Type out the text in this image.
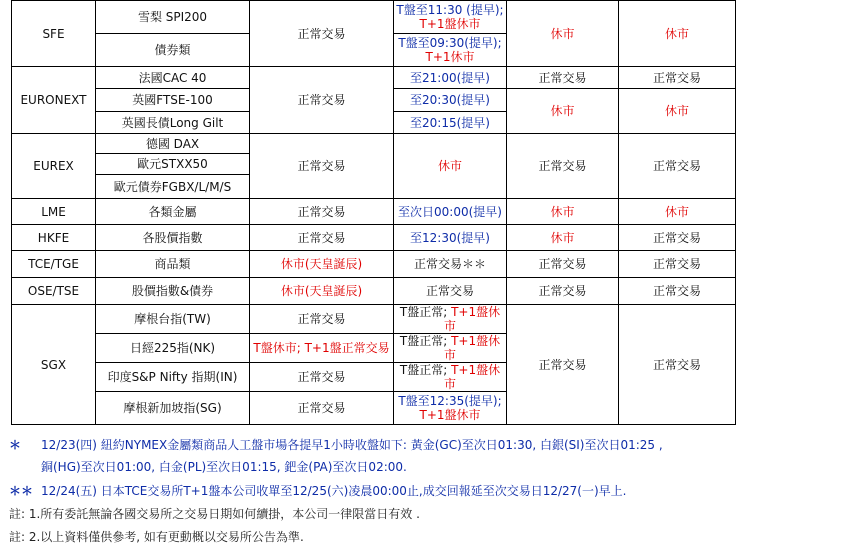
SFE	雪梨 SPI200	正常交易	T盤至11:30 (提早);
T+1盤休市	休市	休市
	債券類		T盤至09:30(提早);
T+1休市		

EURONEXT	法國CAC 40	正常交易	至21:00(提早)	正常交易	正常交易
	英國FTSE-100		至20:30(提早)	休市	休市
	英國長債Long Gilt		至20:15(提早)		
EUREX	德國 DAX	正常交易	休市	正常交易	正常交易
	歐元STXX50				
	歐元債券FGBX/L/M/S				
LME	各類金屬	正常交易	至次日00:00(提早)	休市	休市
HKFE	各股價指數	正常交易	至12:30(提早)	休市	正常交易
TCE/TGE	商品類	休市(天皇誕辰)	正常交易＊＊	正常交易	正常交易
OSE/TSE	股價指數&債券	休市(天皇誕辰)	正常交易	正常交易	正常交易
SGX	摩根台指(TW)	正常交易	T盤正常; T+1盤休市	正常交易	正常交易
	日經225指(NK)	T盤休市; T+1盤正常交易	T盤正常; T+1盤休市		
	印度S&P Nifty 指期(IN)	正常交易	T盤正常; T+1盤休市		
	摩根新加坡指(SG)	正常交易	T盤至12:35(提早);
T+1盤休市		
＊ 12/23(四) 紐約NYMEX金屬類商品人工盤市場各提早1小時收盤如下: 黃金(GC)至次日01:30, 白銀(SI)至次日01:25 ,
銅(HG)至次日01:00, 白金(PL)至次日01:15, 鈀金(PA)至次日02:00.
＊＊ 12/24(五) 日本TCE交易所T+1盤本公司收單至12/25(六)凌晨00:00止,成交回報延至次交易日12/27(一)早上.
註: 1.所有委託無論各國交易所之交易日期如何續掛，本公司一律限當日有效 .
註: 2.以上資料僅供參考, 如有更動概以交易所公告為準.
